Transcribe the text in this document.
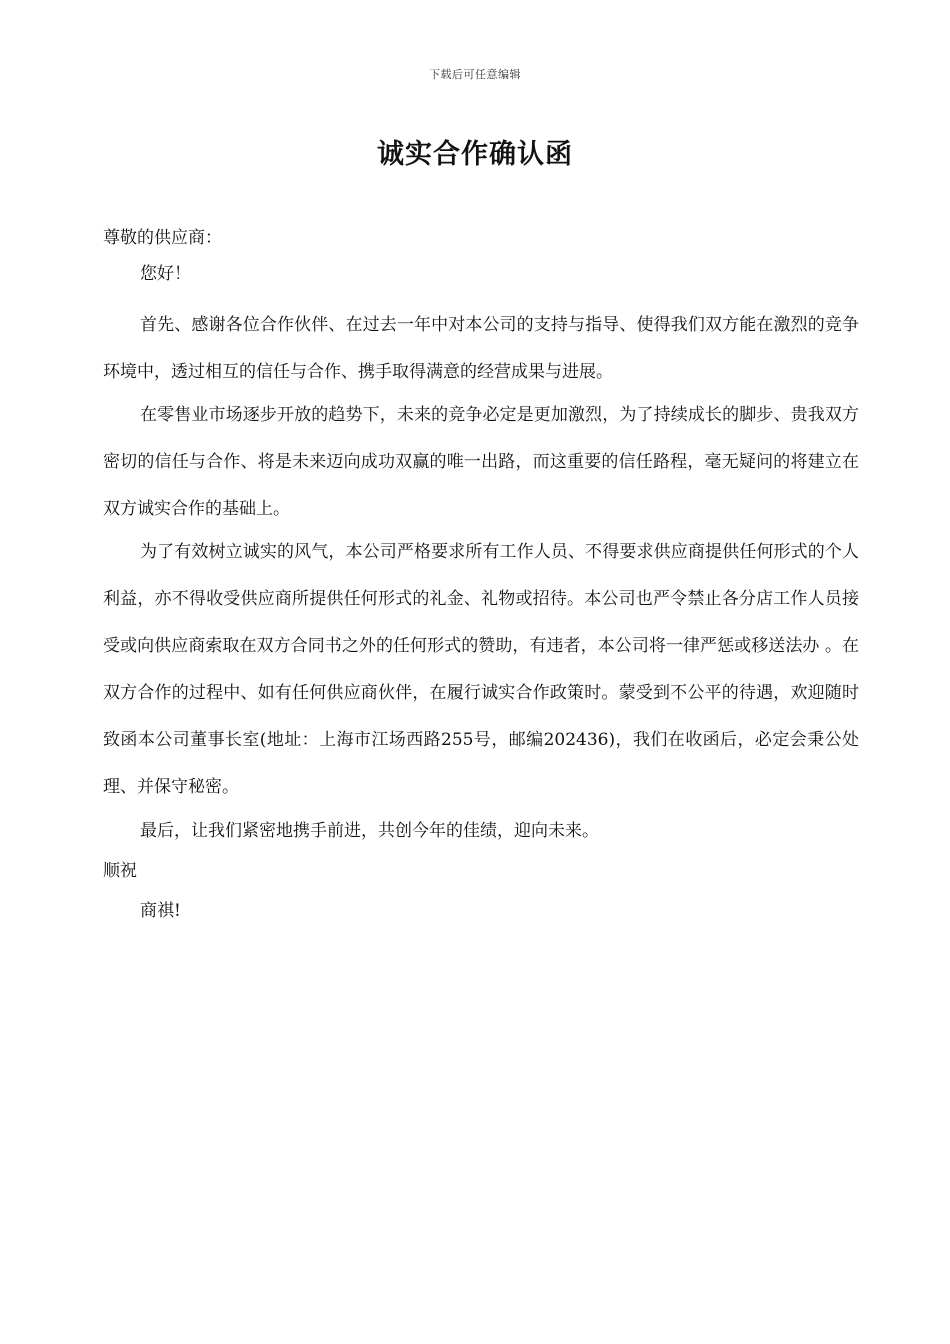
下载后可任意编辑
诚实合作确认函
尊敬的供应商：
您好！

首先、感谢各位合作伙伴、在过去一年中对本公司的支持与指导、使得我们双方能在激烈的竞争环境中，透过相互的信任与合作、携手取得满意的经营成果与进展。

在零售业市场逐步开放的趋势下，未来的竞争必定是更加激烈，为了持续成长的脚步、贵我双方密切的信任与合作、将是未来迈向成功双赢的唯一出路，而这重要的信任路程，毫无疑问的将建立在双方诚实合作的基础上。

为了有效树立诚实的风气，本公司严格要求所有工作人员、不得要求供应商提供任何形式的个人利益，亦不得收受供应商所提供任何形式的礼金、礼物或招待。本公司也严令禁止各分店工作人员接受或向供应商索取在双方合同书之外的任何形式的赞助，有违者，本公司将一律严惩或移送法办 。在双方合作的过程中、如有任何供应商伙伴，在履行诚实合作政策时。蒙受到不公平的待遇，欢迎随时致函本公司董事长室(地址：上海市江场西路255号，邮编202436)，我们在收函后，必定会秉公处理、并保守秘密。

最后，让我们紧密地携手前进，共创今年的佳绩，迎向未来。

顺祝
商祺!
